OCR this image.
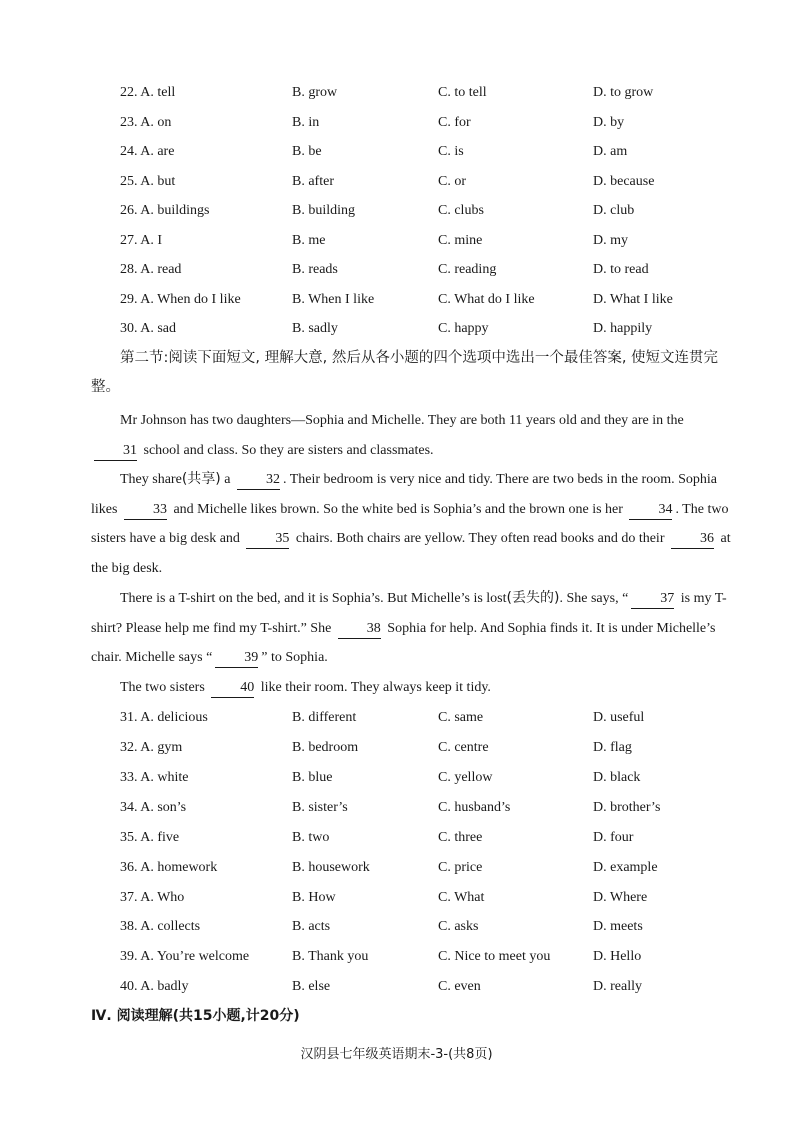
22. A. tell	B. grow	C. to tell	D. to grow
23. A. on	B. in	C. for	D. by
24. A. are	B. be	C. is	D. am
25. A. but	B. after	C. or	D. because
26. A. buildings	B. building	C. clubs	D. club
27. A. I	B. me	C. mine	D. my
28. A. read	B. reads	C. reading	D. to read
29. A. When do I like	B. When I like	C. What do I like	D. What I like
30. A. sad	B. sadly	C. happy	D. happily
第二节:阅读下面短文, 理解大意, 然后从各小题的四个选项中选出一个最佳答案, 使短文连贯完整。
Mr Johnson has two daughters—Sophia and Michelle. They are both 11 years old and they are in the 31 school and class. So they are sisters and classmates.
They share(共享) a	32 . Their bedroom is very nice and tidy. There are two beds in the room. Sophia likes	33 and Michelle likes brown. So the white bed is Sophia’s and the brown one is her	34 . The two sisters have a big desk and	35 chairs. Both chairs are yellow. They often read books and do their	36 at the big desk.
There is a T-shirt on the bed, and it is Sophia’s. But Michelle’s is lost(丢失的). She says, “ 37 is my T-shirt? Please help me find my T-shirt.” She	38 Sophia for help. And Sophia finds it. It is under Michelle’s chair. Michelle says “ 39 ” to Sophia.
The two sisters	40 like their room. They always keep it tidy.
31. A. delicious	B. different	C. same	D. useful
32. A. gym	B. bedroom	C. centre	D. flag
33. A. white	B. blue	C. yellow	D. black
34. A. son’s	B. sister’s	C. husband’s	D. brother’s
35. A. five	B. two	C. three	D. four
36. A. homework	B. housework	C. price	D. example
37. A. Who	B. How	C. What	D. Where
38. A. collects	B. acts	C. asks	D. meets
39. A. You’re welcome	B. Thank you	C. Nice to meet you	D. Hello
40. A. badly	B. else	C. even	D. really
Ⅳ. 阅读理解(共15小题,计20分)
汉阴县七年级英语期末-3-(共8页)
